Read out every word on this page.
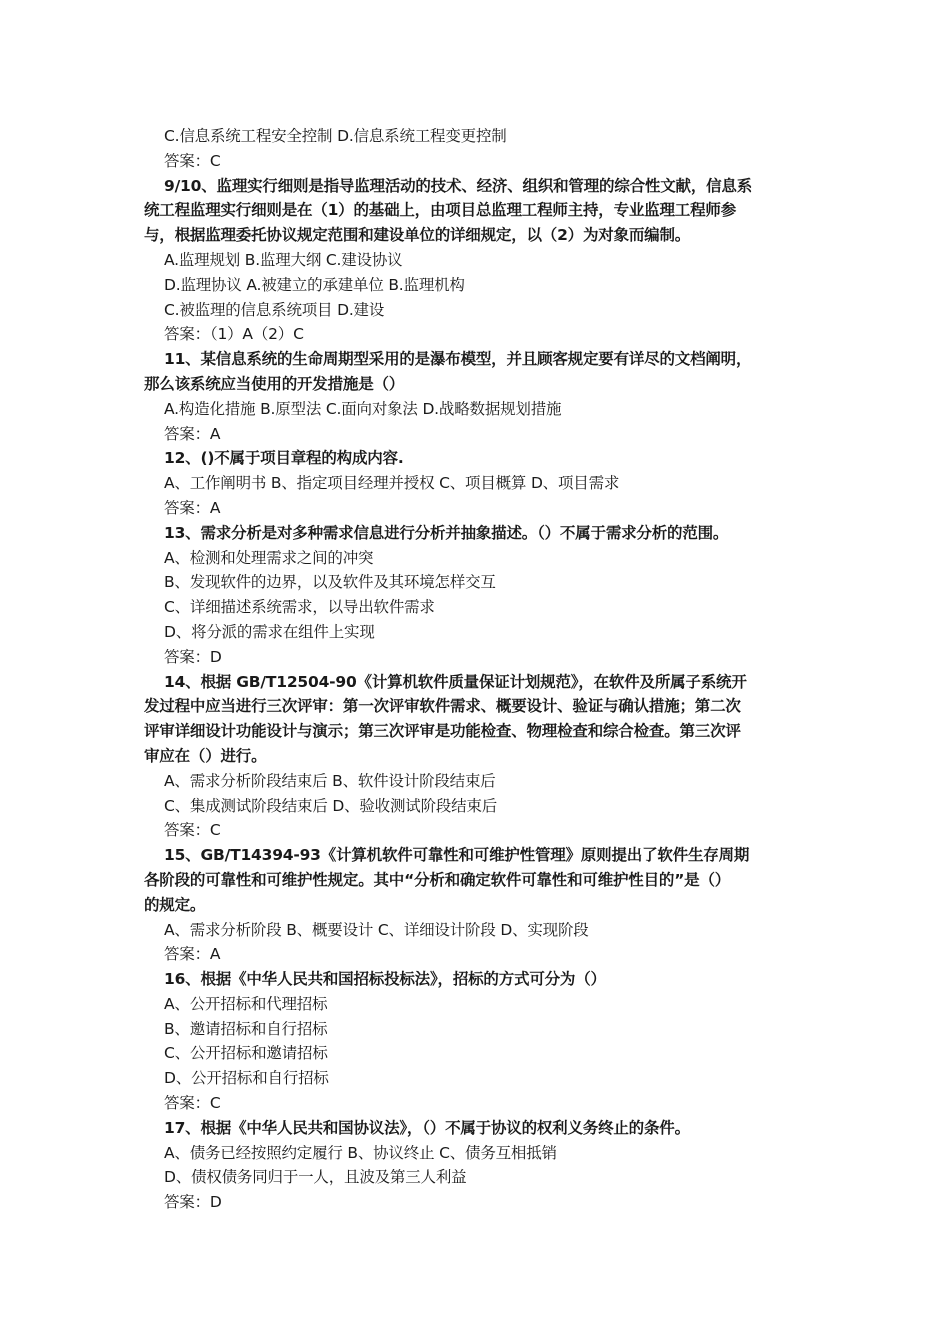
C.信息系统工程安全控制 D.信息系统工程变更控制
答案：C
9/10、监理实行细则是指导监理活动的技术、经济、组织和管理的综合性文献，信息系
统工程监理实行细则是在（1）的基础上，由项目总监理工程师主持，专业监理工程师参
与，根据监理委托协议规定范围和建设单位的详细规定，以（2）为对象而编制。
A.监理规划 B.监理大纲 C.建设协议
D.监理协议 A.被建立的承建单位 B.监理机构
C.被监理的信息系统项目 D.建设
答案：（1）A（2）C
11、某信息系统的生命周期型采用的是瀑布模型，并且顾客规定要有详尽的文档阐明，
那么该系统应当使用的开发措施是（）
A.构造化措施 B.原型法 C.面向对象法 D.战略数据规划措施
答案：A
12、()不属于项目章程的构成内容.
A、工作阐明书 B、指定项目经理并授权 C、项目概算 D、项目需求
答案：A
13、需求分析是对多种需求信息进行分析并抽象描述。（）不属于需求分析的范围。
A、检测和处理需求之间的冲突
B、发现软件的边界，以及软件及其环境怎样交互
C、详细描述系统需求，以导出软件需求
D、将分派的需求在组件上实现
答案：D
14、根据 GB/T12504-90《计算机软件质量保证计划规范》，在软件及所属子系统开
发过程中应当进行三次评审：第一次评审软件需求、概要设计、验证与确认措施；第二次
评审详细设计功能设计与演示；第三次评审是功能检查、物理检查和综合检查。第三次评
审应在（）进行。
A、需求分析阶段结束后 B、软件设计阶段结束后
C、集成测试阶段结束后 D、验收测试阶段结束后
答案：C
15、GB/T14394-93《计算机软件可靠性和可维护性管理》原则提出了软件生存周期
各阶段的可靠性和可维护性规定。其中“分析和确定软件可靠性和可维护性目的”是（）
的规定。
A、需求分析阶段 B、概要设计 C、详细设计阶段 D、实现阶段
答案：A
16、根据《中华人民共和国招标投标法》，招标的方式可分为（）
A、公开招标和代理招标
B、邀请招标和自行招标
C、公开招标和邀请招标
D、公开招标和自行招标
答案：C
17、根据《中华人民共和国协议法》，（）不属于协议的权利义务终止的条件。
A、债务已经按照约定履行 B、协议终止 C、债务互相抵销
D、债权债务同归于一人，且波及第三人利益
答案：D
